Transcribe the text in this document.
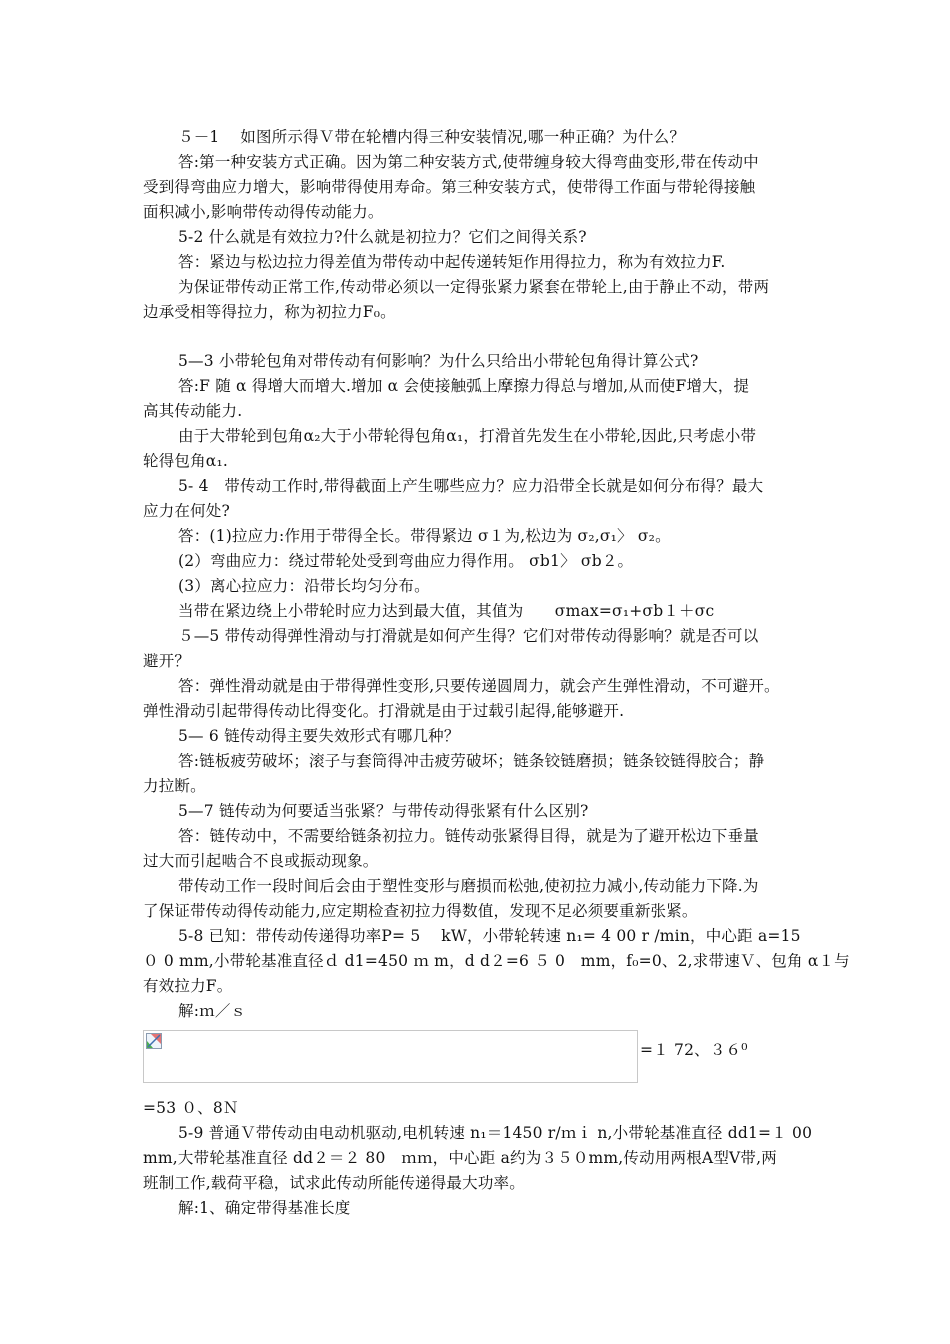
５－1　 如图所示得Ｖ带在轮槽内得三种安装情况,哪一种正确？为什么？
答:第一种安装方式正确。因为第二种安装方式,使带缠身较大得弯曲变形,带在传动中
受到得弯曲应力增大，影响带得使用寿命。第三种安装方式，使带得工作面与带轮得接触
面积减小,影响带传动得传动能力。
5-2 什么就是有效拉力?什么就是初拉力？它们之间得关系?
答：紧边与松边拉力得差值为带传动中起传递转矩作用得拉力，称为有效拉力F.
为保证带传动正常工作,传动带必须以一定得张紧力紧套在带轮上,由于静止不动，带两
边承受相等得拉力，称为初拉力F₀。
5—3 小带轮包角对带传动有何影响？为什么只给出小带轮包角得计算公式?
答:F 随 α 得增大而增大.增加 α 会使接触弧上摩擦力得总与增加,从而使F增大，提
高其传动能力.
由于大带轮到包角α₂大于小带轮得包角α₁，打滑首先发生在小带轮,因此,只考虑小带
轮得包角α₁.
5- 4　带传动工作时,带得截面上产生哪些应力？应力沿带全长就是如何分布得？最大
应力在何处?
答：(1)拉应力:作用于带得全长。带得紧边 σ１为,松边为 σ₂,σ₁〉 σ₂。
(2）弯曲应力：绕过带轮处受到弯曲应力得作用。 σb1〉 σb２。
(3）离心拉应力：沿带长均匀分布。
当带在紧边绕上小带轮时应力达到最大值，其值为　　σmax=σ₁+σb１＋σc
５—5 带传动得弹性滑动与打滑就是如何产生得？它们对带传动得影响？就是否可以
避开？
答：弹性滑动就是由于带得弹性变形,只要传递圆周力，就会产生弹性滑动，不可避开。
弹性滑动引起带得传动比得变化。打滑就是由于过载引起得,能够避开.
5— 6 链传动得主要失效形式有哪几种？
答:链板疲劳破坏；滚子与套筒得冲击疲劳破坏；链条铰链磨损；链条铰链得胶合；静
力拉断。
5—7 链传动为何要适当张紧？与带传动得张紧有什么区别?
答：链传动中，不需要给链条初拉力。链传动张紧得目得，就是为了避开松边下垂量
过大而引起啮合不良或振动现象。
带传动工作一段时间后会由于塑性变形与磨损而松弛,使初拉力减小,传动能力下降.为
了保证带传动得传动能力,应定期检查初拉力得数值，发现不足必须要重新张紧。
5-8 已知：带传动传递得功率P= 5　 kW，小带轮转速 n₁= 4 00 r /min，中心距 a=15
０ 0 mm,小带轮基准直径ｄ d1=450 ｍ m，d d２=6 ５ 0　mm，f₀=0、2,求带速Ｖ、包角 α１与
有效拉力F。
解:ｍ／ｓ
=１ 72、３６⁰
=53 ０、8Ｎ
5-9 普通Ｖ带传动由电动机驱动,电机转速 n₁＝1450 r/ｍｉ n,小带轮基准直径 dd1=１ 00
mm,大带轮基准直径 dd２＝２ 80　ｍｍ，中心距 a约为３５０mm,传动用两根A型V带,两
班制工作,载荷平稳，试求此传动所能传递得最大功率。
解:1、确定带得基准长度
